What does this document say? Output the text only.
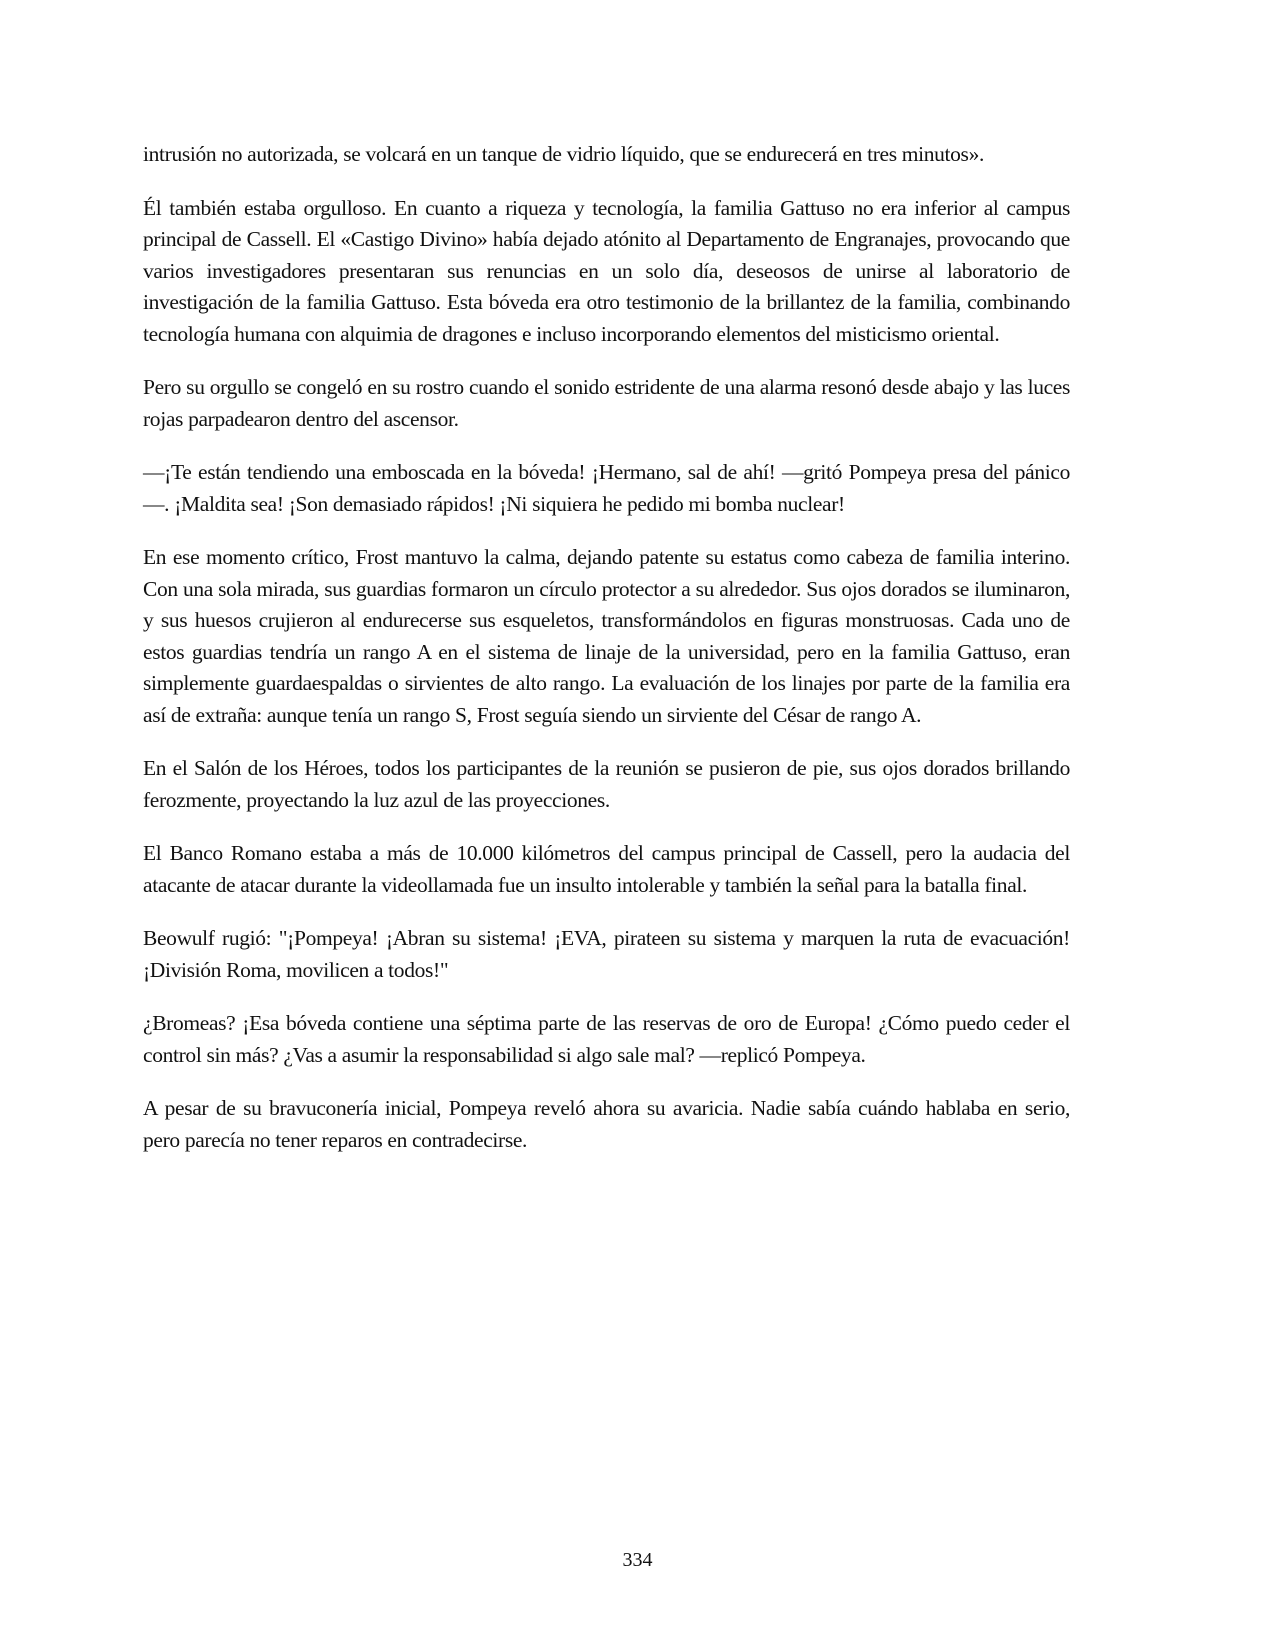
intrusión no autorizada, se volcará en un tanque de vidrio líquido, que se endurecerá en tres minutos».

Él también estaba orgulloso. En cuanto a riqueza y tecnología, la familia Gattuso no era inferior al campus principal de Cassell. El «Castigo Divino» había dejado atónito al Departamento de Engranajes, provocando que varios investigadores presentaran sus renuncias en un solo día, deseosos de unirse al laboratorio de investigación de la familia Gattuso. Esta bóveda era otro testimonio de la brillantez de la familia, combinando tecnología humana con alquimia de dragones e incluso incorporando elementos del misticismo oriental.

Pero su orgullo se congeló en su rostro cuando el sonido estridente de una alarma resonó desde abajo y las luces rojas parpadearon dentro del ascensor.

—¡Te están tendiendo una emboscada en la bóveda! ¡Hermano, sal de ahí! —gritó Pompeya presa del pánico—. ¡Maldita sea! ¡Son demasiado rápidos! ¡Ni siquiera he pedido mi bomba nuclear!

En ese momento crítico, Frost mantuvo la calma, dejando patente su estatus como cabeza de familia interino. Con una sola mirada, sus guardias formaron un círculo protector a su alrededor. Sus ojos dorados se iluminaron, y sus huesos crujieron al endurecerse sus esqueletos, transformándolos en figuras monstruosas. Cada uno de estos guardias tendría un rango A en el sistema de linaje de la universidad, pero en la familia Gattuso, eran simplemente guardaespaldas o sirvientes de alto rango. La evaluación de los linajes por parte de la familia era así de extraña: aunque tenía un rango S, Frost seguía siendo un sirviente del César de rango A.

En el Salón de los Héroes, todos los participantes de la reunión se pusieron de pie, sus ojos dorados brillando ferozmente, proyectando la luz azul de las proyecciones.

El Banco Romano estaba a más de 10.000 kilómetros del campus principal de Cassell, pero la audacia del atacante de atacar durante la videollamada fue un insulto intolerable y también la señal para la batalla final.

Beowulf rugió: "¡Pompeya! ¡Abran su sistema! ¡EVA, pirateen su sistema y marquen la ruta de evacuación! ¡División Roma, movilicen a todos!"

¿Bromeas? ¡Esa bóveda contiene una séptima parte de las reservas de oro de Europa! ¿Cómo puedo ceder el control sin más? ¿Vas a asumir la responsabilidad si algo sale mal? —replicó Pompeya.

A pesar de su bravuconería inicial, Pompeya reveló ahora su avaricia. Nadie sabía cuándo hablaba en serio, pero parecía no tener reparos en contradecirse.

334
